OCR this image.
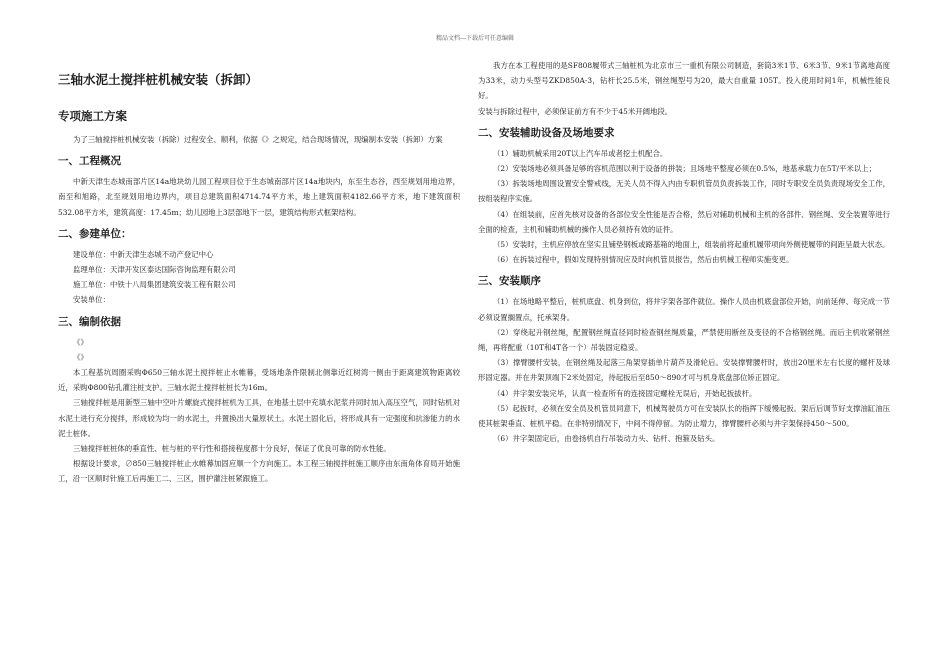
精品文档---下载后可任意编辑
三轴水泥土搅拌桩机械安装（拆卸）
专项施工方案

为了三轴搅拌桩机械安装（拆除）过程安全、顺利，依据《》之规定，结合现场情况，现编制本安装（拆卸）方案

一、工程概况

中新天津生态城南部片区14a地块幼儿园工程项目位于生态城南部片区14a地块内，东至生态谷，西至规划用地边界，南至和旭路，北至规划用地边界内，项目总建筑面积4714.74平方米，地上建筑面积4182.66平方米，地下建筑面积532.08平方米，建筑高度：17.45m；幼儿园地上3层部地下一层，建筑结构形式框架结构。

二、参建单位：

建设单位：中新天津生态城不动产登记中心

监理单位：天津开发区泰达国际咨询监理有限公司

施工单位：中铁十八局集团建筑安装工程有限公司

安装单位：

三、编制依据

《》

《》

本工程基坑周圈采购Φ650三轴水泥土搅拌桩止水帷幕，受场地条件限制北侧靠近红树湾一侧由于距离建筑物距离较近，采购Φ800钻孔灌注桩支护。三轴水泥土搅拌桩桩长为16m。

三轴搅拌桩是用新型三轴中空叶片螺旋式搅拌桩机为工具，在地基土层中充填水泥浆并同时加入高压空气，同时钻机对水泥土进行充分搅拌，形成较为均一的水泥土，并置换出大量原状土。水泥土固化后，将形成具有一定强度和抗渗能力的水泥土桩体。

三轴搅拌桩桩体的垂直性、桩与桩的平行性和搭接程度都十分良好，保证了优良可靠的防水性能。

根据设计要求，∅850三轴搅拌桩止水帷幕加固应顺一个方向施工。本工程三轴搅拌桩施工顺序由东南角体育局开始施工，沿一区顺时针施工后再施工二、三区，围护灌注桩紧跟施工。

我方在本工程使用的是SF808履带式三轴桩机为北京市三一重机有限公司制造，套筒3米1节、6米3节、9米1节离地高度为33米，动力头型号ZKD850A-3，钻杆长25.5米，钢丝绳型号为20，最大自重量 105T。投入使用时间1年，机械性能良好。

安装与拆除过程中，必须保证前方有不少于45米开阔地段。

二、安装辅助设备及场地要求

（1）辅助机械采用20T以上汽车吊或者挖土机配合。

（2）安装场地必须具备足够的容机范围以利于设备的拼装；且场地平整度必须在0.5%，地基承载力在5T/平米以上；

（3）拆装场地周围设置安全警戒线，无关人员不得入内由专职机管员负责拆装工作，同时专职安全员负责现场安全工作，按组装程序实施。

（4）在组装前，应首先核对设备的各部位安全性能是否合格，然后对辅助机械和主机的各部件、钢丝绳、安全装置等进行全面的检查，主机和辅助机械的操作人员必须持有效的证件。

（5）安装时，主机应停放在坚实且铺垫钢板或路基箱的地面上，组装前将起重机履带项向外侧使履带的间距呈最大状态。

（6）在拆装过程中，假如发现特别情况应及时向机管员报告，然后由机械工程师实施变更。

三、安装顺序

（1）在场地略平整后，桩机底盘、机身到位，将井字架各部件就位。操作人员由机底盘部位开始，向前延伸、每完成一节必须设置搁置点，托承架身。

（2）穿绕起升钢丝绳，配置钢丝绳直径同时检查钢丝绳质量，严禁使用断丝及变径的不合格钢丝绳。而后主机收紧钢丝绳，再将配重（10T和4T各一个）吊装固定稳妥。

（3）撑臂腰杆安装，在钢丝绳及起落三角架穿插单片葫芦及滑轮后。安装撑臂腰杆时，放出20厘米左右长度的螺杆及球形固定器。并在井架顶端下2米处固定，待起扳后至850～890才可与机身底盘部位矫正固定。

（4）井字架安装完毕，认真一检查所有的连接固定螺栓无误后，开始起扳拔杆。

（5）起扳时，必须在安全员及机管员同意下，机械驾驶员方可在安装队长的指挥下缓慢起扳。架后后调节好支撑油缸油压使其桩架垂直、桩机平稳。在非特别情况下，中间不得停留。为防止增力，撑臂腰杆必须与井字架保持450～500。

（6）井字架固定后，由卷扬机自行吊装动力头、钻杆、抱箍及钻头。
